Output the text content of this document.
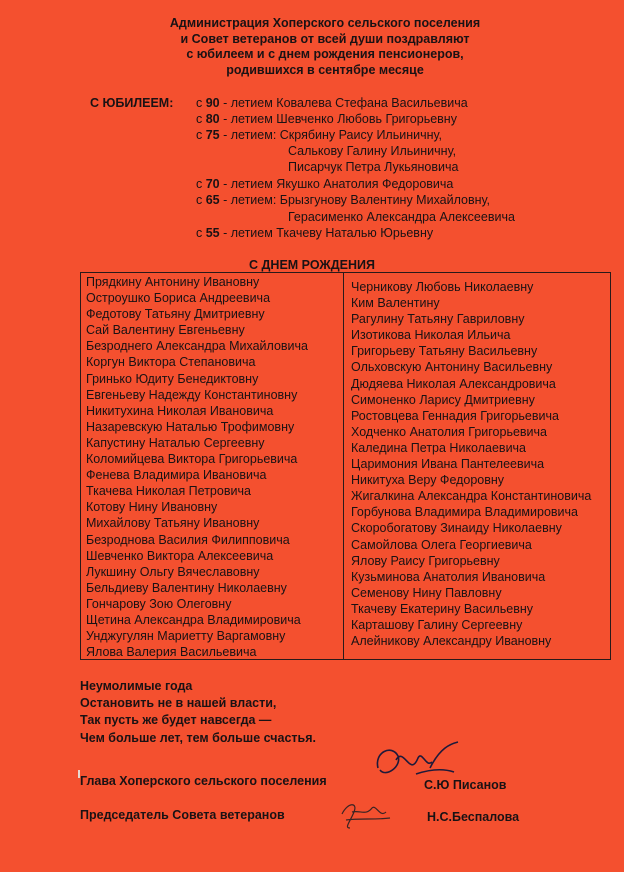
Администрация Хоперского сельского поселения
и Совет ветеранов от всей души поздравляют
с юбилеем и с днем рождения пенсионеров,
родившихся в сентябре месяце
С ЮБИЛЕЕМ: с 90 - летием Ковалева Стефана Васильевича
с 80 - летием Шевченко Любовь Григорьевну
с 75 - летием: Скрябину Раису Ильиничну,
Салькову Галину Ильиничну,
Писарчук Петра Лукьяновича
с 70 - летием Якушко Анатолия Федоровича
с 65 - летием: Брызгунову Валентину Михайловну,
Герасименко Александра Алексеевича
с 55 - летием Ткачеву Наталью Юрьевну
С ДНЕМ РОЖДЕНИЯ
Прядкину Антонину Ивановну
Остроушко Бориса Андреевича
Федотову Татьяну Дмитриевну
Сай Валентину Евгеньевну
Безроднего Александра Михайловича
Коргун Виктора Степановича
Гринько Юдиту Бенедиктовну
Евгеньеву Надежду Константиновну
Никитухина Николая Ивановича
Назаревскую Наталью Трофимовну
Капустину Наталью Сергеевну
Коломийцева Виктора Григорьевича
Фенева Владимира Ивановича
Ткачева Николая Петровича
Котову Нину Ивановну
Михайлову Татьяну Ивановну
Безроднова Василия Филипповича
Шевченко Виктора Алексеевича
Лукшину Ольгу Вячеславовну
Бельдиеву Валентину Николаевну
Гончарову Зою Олеговну
Щетина Александра Владимировича
Унджугулян Мариетту Варгамовну
Ялова Валерия Васильевича
Черникову Любовь Николаевну
Ким Валентину
Рагулину Татьяну Гавриловну
Изотикова Николая Ильича
Григорьеву Татьяну Васильевну
Ольховскую Антонину Васильевну
Дюдяева Николая Александровича
Симоненко Ларису Дмитриевну
Ростовцева Геннадия Григорьевича
Ходченко Анатолия Григорьевича
Каледина Петра Николаевича
Царимония Ивана Пантелеевича
Никитуха Веру Федоровну
Жигалкина Александра Константиновича
Горбунова Владимира Владимировича
Скоробогатову Зинаиду Николаевну
Самойлова Олега Георгиевича
Ялову Раису Григорьевну
Кузьминова Анатолия Ивановича
Семенову Нину Павловну
Ткачеву Екатерину Васильевну
Карташову Галину Сергеевну
Алейникову Александру Ивановну
Неумолимые года
Остановить не в нашей власти,
Так пусть же будет навсегда —
Чем больше лет, тем больше счастья.
Глава Хоперского сельского поселения	С.Ю Писанов
Председатель Совета ветеранов	Н.С.Беспалова
